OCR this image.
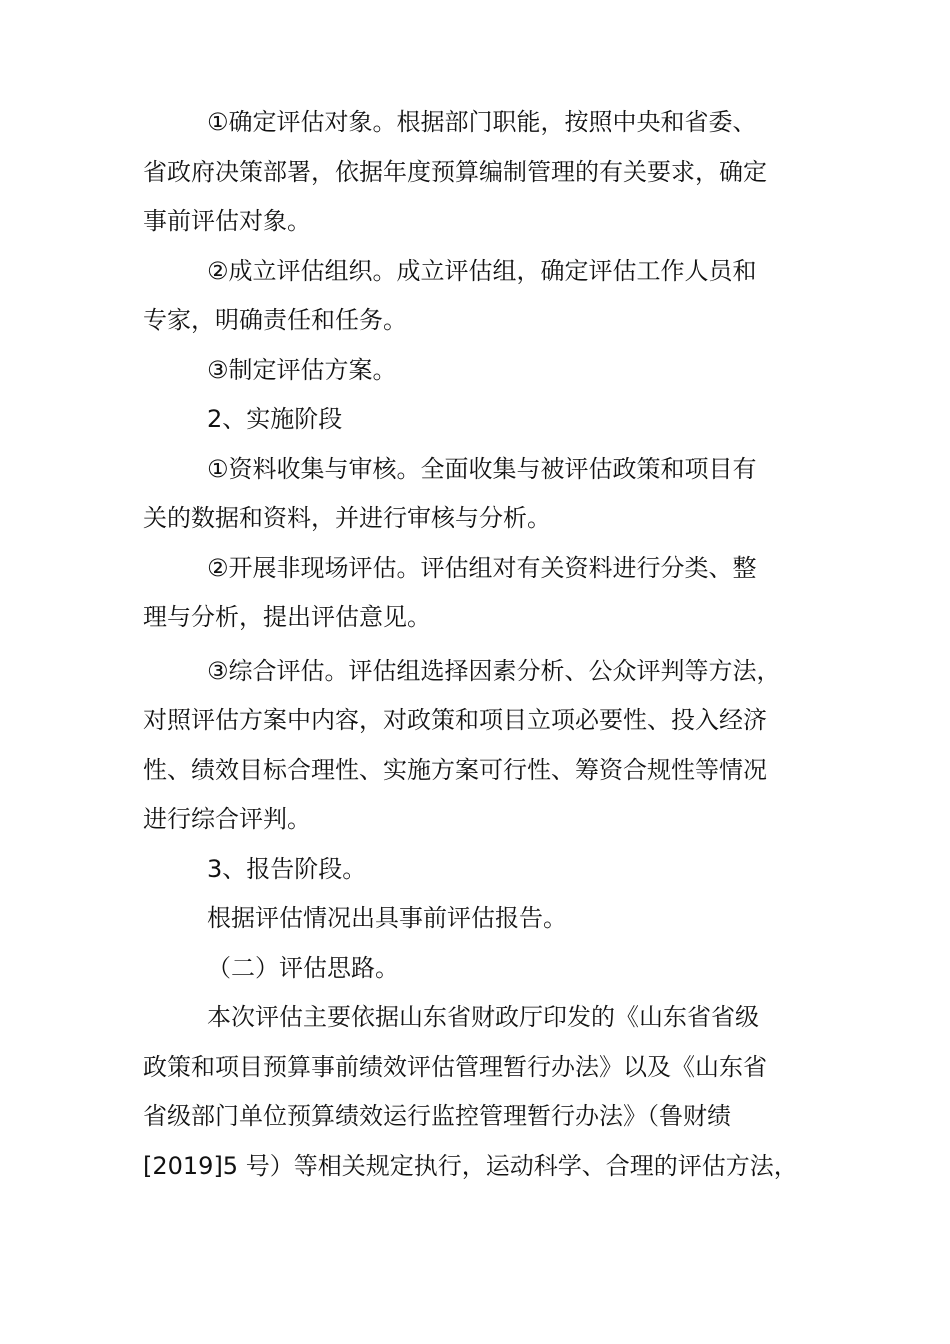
①确定评估对象。根据部门职能，按照中央和省委、
省政府决策部署，依据年度预算编制管理的有关要求，确定
事前评估对象。
②成立评估组织。成立评估组，确定评估工作人员和
专家，明确责任和任务。
③制定评估方案。
2、实施阶段
①资料收集与审核。全面收集与被评估政策和项目有
关的数据和资料，并进行审核与分析。
②开展非现场评估。评估组对有关资料进行分类、整
理与分析，提出评估意见。
③综合评估。评估组选择因素分析、公众评判等方法，
对照评估方案中内容，对政策和项目立项必要性、投入经济
性、绩效目标合理性、实施方案可行性、筹资合规性等情况
进行综合评判。
3、报告阶段。
根据评估情况出具事前评估报告。
（二）评估思路。
本次评估主要依据山东省财政厅印发的《山东省省级
政策和项目预算事前绩效评估管理暂行办法》以及《山东省
省级部门单位预算绩效运行监控管理暂行办法》（鲁财绩
[2019]5 号）等相关规定执行，运动科学、合理的评估方法，
